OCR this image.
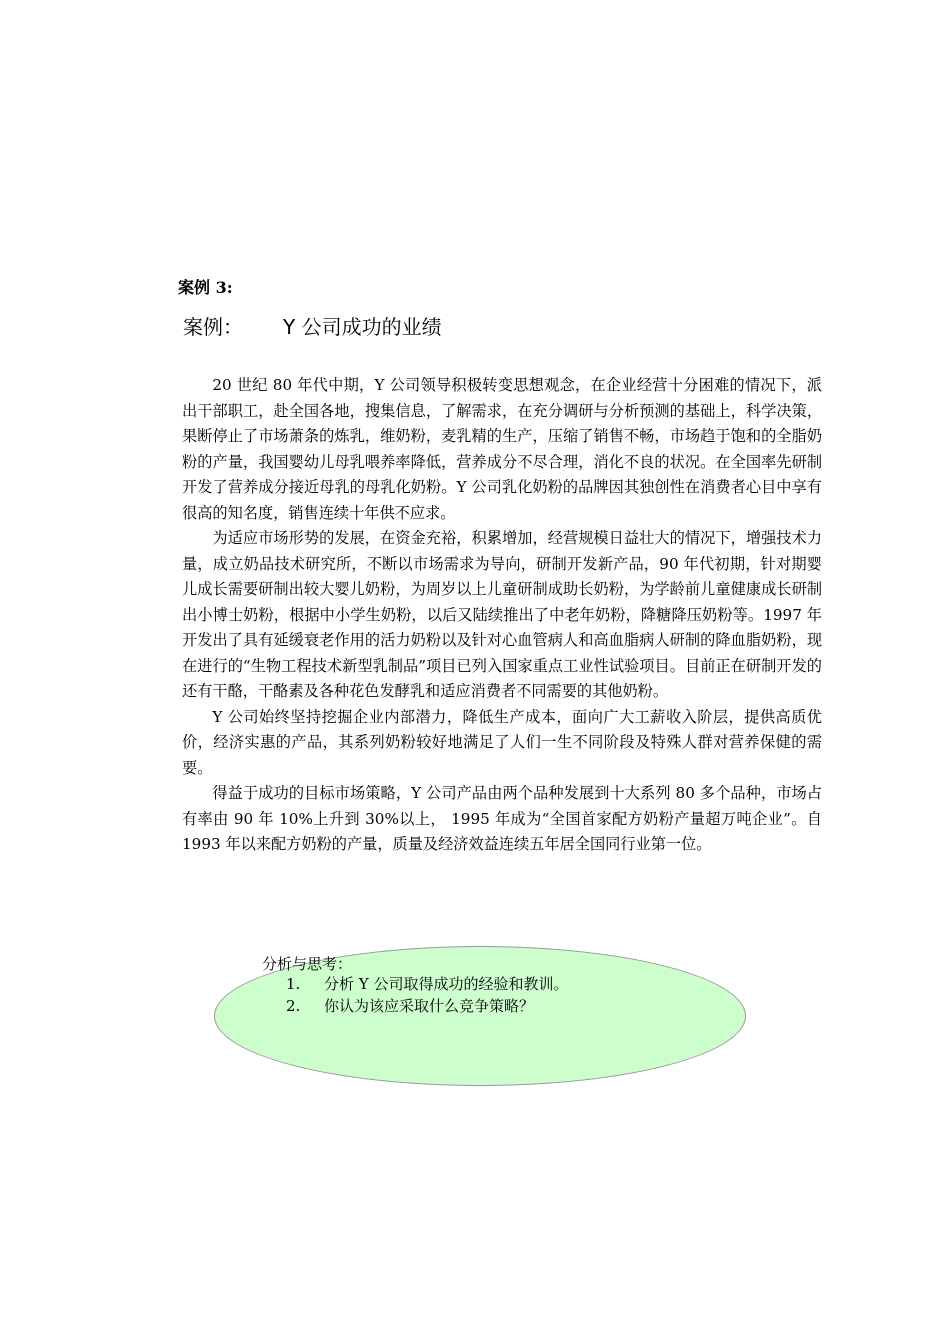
案例 3:
案例： Y 公司成功的业绩

20 世纪 80 年代中期，Y 公司领导积极转变思想观念，在企业经营十分困难的情况下，派出干部职工，赴全国各地，搜集信息，了解需求，在充分调研与分析预测的基础上，科学决策，果断停止了市场萧条的炼乳，维奶粉，麦乳精的生产，压缩了销售不畅，市场趋于饱和的全脂奶粉的产量，我国婴幼儿母乳喂养率降低，营养成分不尽合理，消化不良的状况。在全国率先研制开发了营养成分接近母乳的母乳化奶粉。Y 公司乳化奶粉的品牌因其独创性在消费者心目中享有很高的知名度，销售连续十年供不应求。

为适应市场形势的发展，在资金充裕，积累增加，经营规模日益壮大的情况下，增强技术力量，成立奶品技术研究所，不断以市场需求为导向，研制开发新产品，90 年代初期，针对期婴儿成长需要研制出较大婴儿奶粉，为周岁以上儿童研制成助长奶粉，为学龄前儿童健康成长研制出小博士奶粉，根据中小学生奶粉，以后又陆续推出了中老年奶粉，降糖降压奶粉等。1997 年开发出了具有延缓衰老作用的活力奶粉以及针对心血管病人和高血脂病人研制的降血脂奶粉，现在进行的“生物工程技术新型乳制品”项目已列入国家重点工业性试验项目。目前正在研制开发的还有干酪，干酪素及各种花色发酵乳和适应消费者不同需要的其他奶粉。

Y 公司始终坚持挖掘企业内部潜力，降低生产成本，面向广大工薪收入阶层，提供高质优价，经济实惠的产品，其系列奶粉较好地满足了人们一生不同阶段及特殊人群对营养保健的需要。

得益于成功的目标市场策略，Y 公司产品由两个品种发展到十大系列 80 多个品种，市场占有率由 90 年 10%上升到 30%以上， 1995 年成为“全国首家配方奶粉产量超万吨企业”。自 1993 年以来配方奶粉的产量，质量及经济效益连续五年居全国同行业第一位。

分析与思考：
1. 分析 Y 公司取得成功的经验和教训。
2. 你认为该应采取什么竞争策略？
